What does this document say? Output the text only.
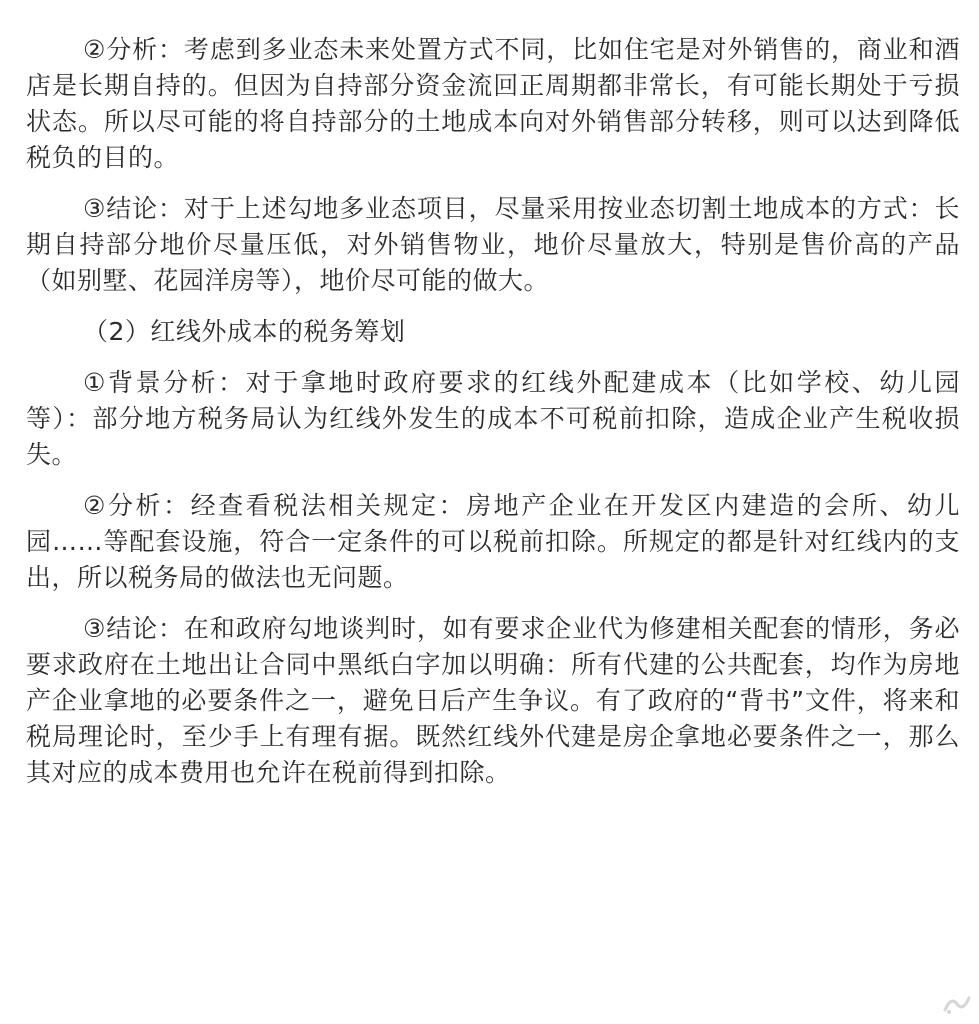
②分析：考虑到多业态未来处置方式不同，比如住宅是对外销售的，商业和酒店是长期自持的。但因为自持部分资金流回正周期都非常长，有可能长期处于亏损状态。所以尽可能的将自持部分的土地成本向对外销售部分转移，则可以达到降低税负的目的。

③结论：对于上述勾地多业态项目，尽量采用按业态切割土地成本的方式：长期自持部分地价尽量压低，对外销售物业，地价尽量放大，特别是售价高的产品（如别墅、花园洋房等），地价尽可能的做大。

（2）红线外成本的税务筹划

①背景分析：对于拿地时政府要求的红线外配建成本（比如学校、幼儿园等）：部分地方税务局认为红线外发生的成本不可税前扣除，造成企业产生税收损失。

②分析：经查看税法相关规定：房地产企业在开发区内建造的会所、幼儿园……等配套设施，符合一定条件的可以税前扣除。所规定的都是针对红线内的支出，所以税务局的做法也无问题。

③结论：在和政府勾地谈判时，如有要求企业代为修建相关配套的情形，务必要求政府在土地出让合同中黑纸白字加以明确：所有代建的公共配套，均作为房地产企业拿地的必要条件之一，避免日后产生争议。有了政府的“背书”文件，将来和税局理论时，至少手上有理有据。既然红线外代建是房企拿地必要条件之一，那么其对应的成本费用也允许在税前得到扣除。
